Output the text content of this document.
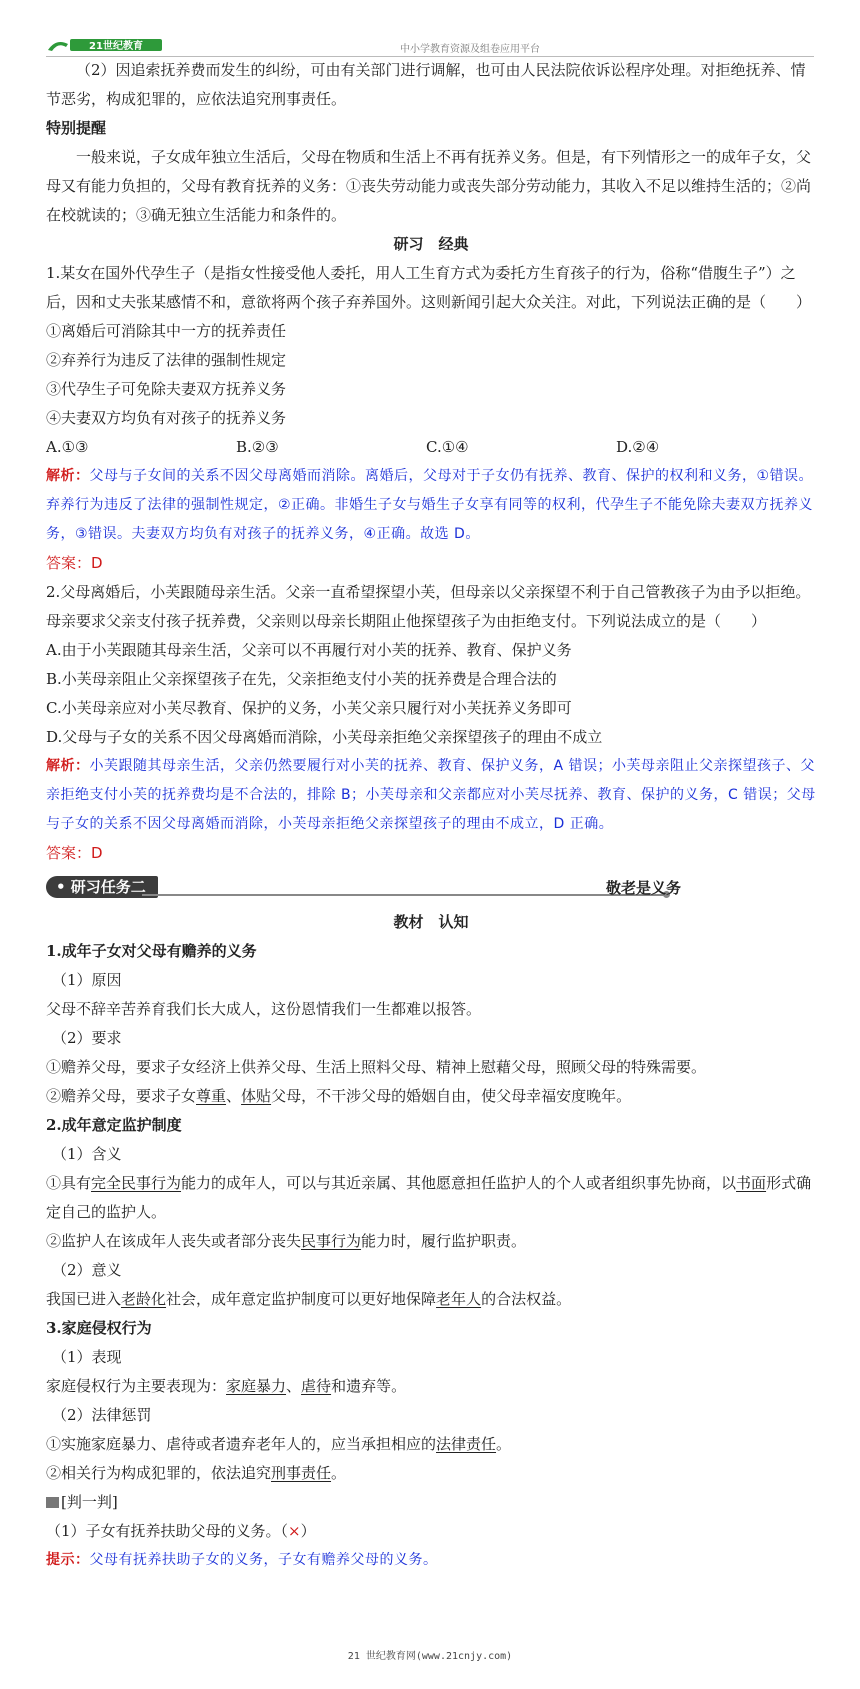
21世纪教育	中小学教育资源及组卷应用平台

（2）因追索抚养费而发生的纠纷，可由有关部门进行调解，也可由人民法院依诉讼程序处理。对拒绝抚养、情节恶劣，构成犯罪的，应依法追究刑事责任。

特别提醒

一般来说，子女成年独立生活后，父母在物质和生活上不再有抚养义务。但是，有下列情形之一的成年子女，父母又有能力负担的，父母有教育抚养的义务：①丧失劳动能力或丧失部分劳动能力，其收入不足以维持生活的；②尚在校就读的；③确无独立生活能力和条件的。

研习　经典

1.某女在国外代孕生子（是指女性接受他人委托，用人工生育方式为委托方生育孩子的行为，俗称“借腹生子”）之后，因和丈夫张某感情不和，意欲将两个孩子弃养国外。这则新闻引起大众关注。对此，下列说法正确的是（　　）

①离婚后可消除其中一方的抚养责任

②弃养行为违反了法律的强制性规定

③代孕生子可免除夫妻双方抚养义务

④夫妻双方均负有对孩子的抚养义务

A.①③	B.②③	C.①④	D.②④

解析：父母与子女间的关系不因父母离婚而消除。离婚后，父母对于子女仍有抚养、教育、保护的权利和义务，①错误。弃养行为违反了法律的强制性规定，②正确。非婚生子女与婚生子女享有同等的权利，代孕生子不能免除夫妻双方抚养义务，③错误。夫妻双方均负有对孩子的抚养义务，④正确。故选 D。

答案：D

2.父母离婚后，小芙跟随母亲生活。父亲一直希望探望小芙，但母亲以父亲探望不利于自己管教孩子为由予以拒绝。母亲要求父亲支付孩子抚养费，父亲则以母亲长期阻止他探望孩子为由拒绝支付。下列说法成立的是（　　）

A.由于小芙跟随其母亲生活，父亲可以不再履行对小芙的抚养、教育、保护义务

B.小芙母亲阻止父亲探望孩子在先，父亲拒绝支付小芙的抚养费是合理合法的

C.小芙母亲应对小芙尽教育、保护的义务，小芙父亲只履行对小芙抚养义务即可

D.父母与子女的关系不因父母离婚而消除，小芙母亲拒绝父亲探望孩子的理由不成立

解析：小芙跟随其母亲生活，父亲仍然要履行对小芙的抚养、教育、保护义务，A 错误；小芙母亲阻止父亲探望孩子、父亲拒绝支付小芙的抚养费均是不合法的，排除 B；小芙母亲和父亲都应对小芙尽抚养、教育、保护的义务，C 错误；父母与子女的关系不因父母离婚而消除，小芙母亲拒绝父亲探望孩子的理由不成立，D 正确。

答案：D

• 研习任务二	敬老是义务

教材　认知

1.成年子女对父母有赡养的义务

（1）原因

父母不辞辛苦养育我们长大成人，这份恩情我们一生都难以报答。

（2）要求

①赡养父母，要求子女经济上供养父母、生活上照料父母、精神上慰藉父母，照顾父母的特殊需要。

②赡养父母，要求子女尊重、体贴父母，不干涉父母的婚姻自由，使父母幸福安度晚年。

2.成年意定监护制度

（1）含义

①具有完全民事行为能力的成年人，可以与其近亲属、其他愿意担任监护人的个人或者组织事先协商，以书面形式确定自己的监护人。

②监护人在该成年人丧失或者部分丧失民事行为能力时，履行监护职责。

（2）意义

我国已进入老龄化社会，成年意定监护制度可以更好地保障老年人的合法权益。

3.家庭侵权行为

（1）表现

家庭侵权行为主要表现为：家庭暴力、虐待和遗弃等。

（2）法律惩罚

①实施家庭暴力、虐待或者遗弃老年人的，应当承担相应的法律责任。

②相关行为构成犯罪的，依法追究刑事责任。

[判一判]

（1）子女有抚养扶助父母的义务。（×）

提示：父母有抚养扶助子女的义务，子女有赡养父母的义务。

21 世纪教育网(www.21cnjy.com)
